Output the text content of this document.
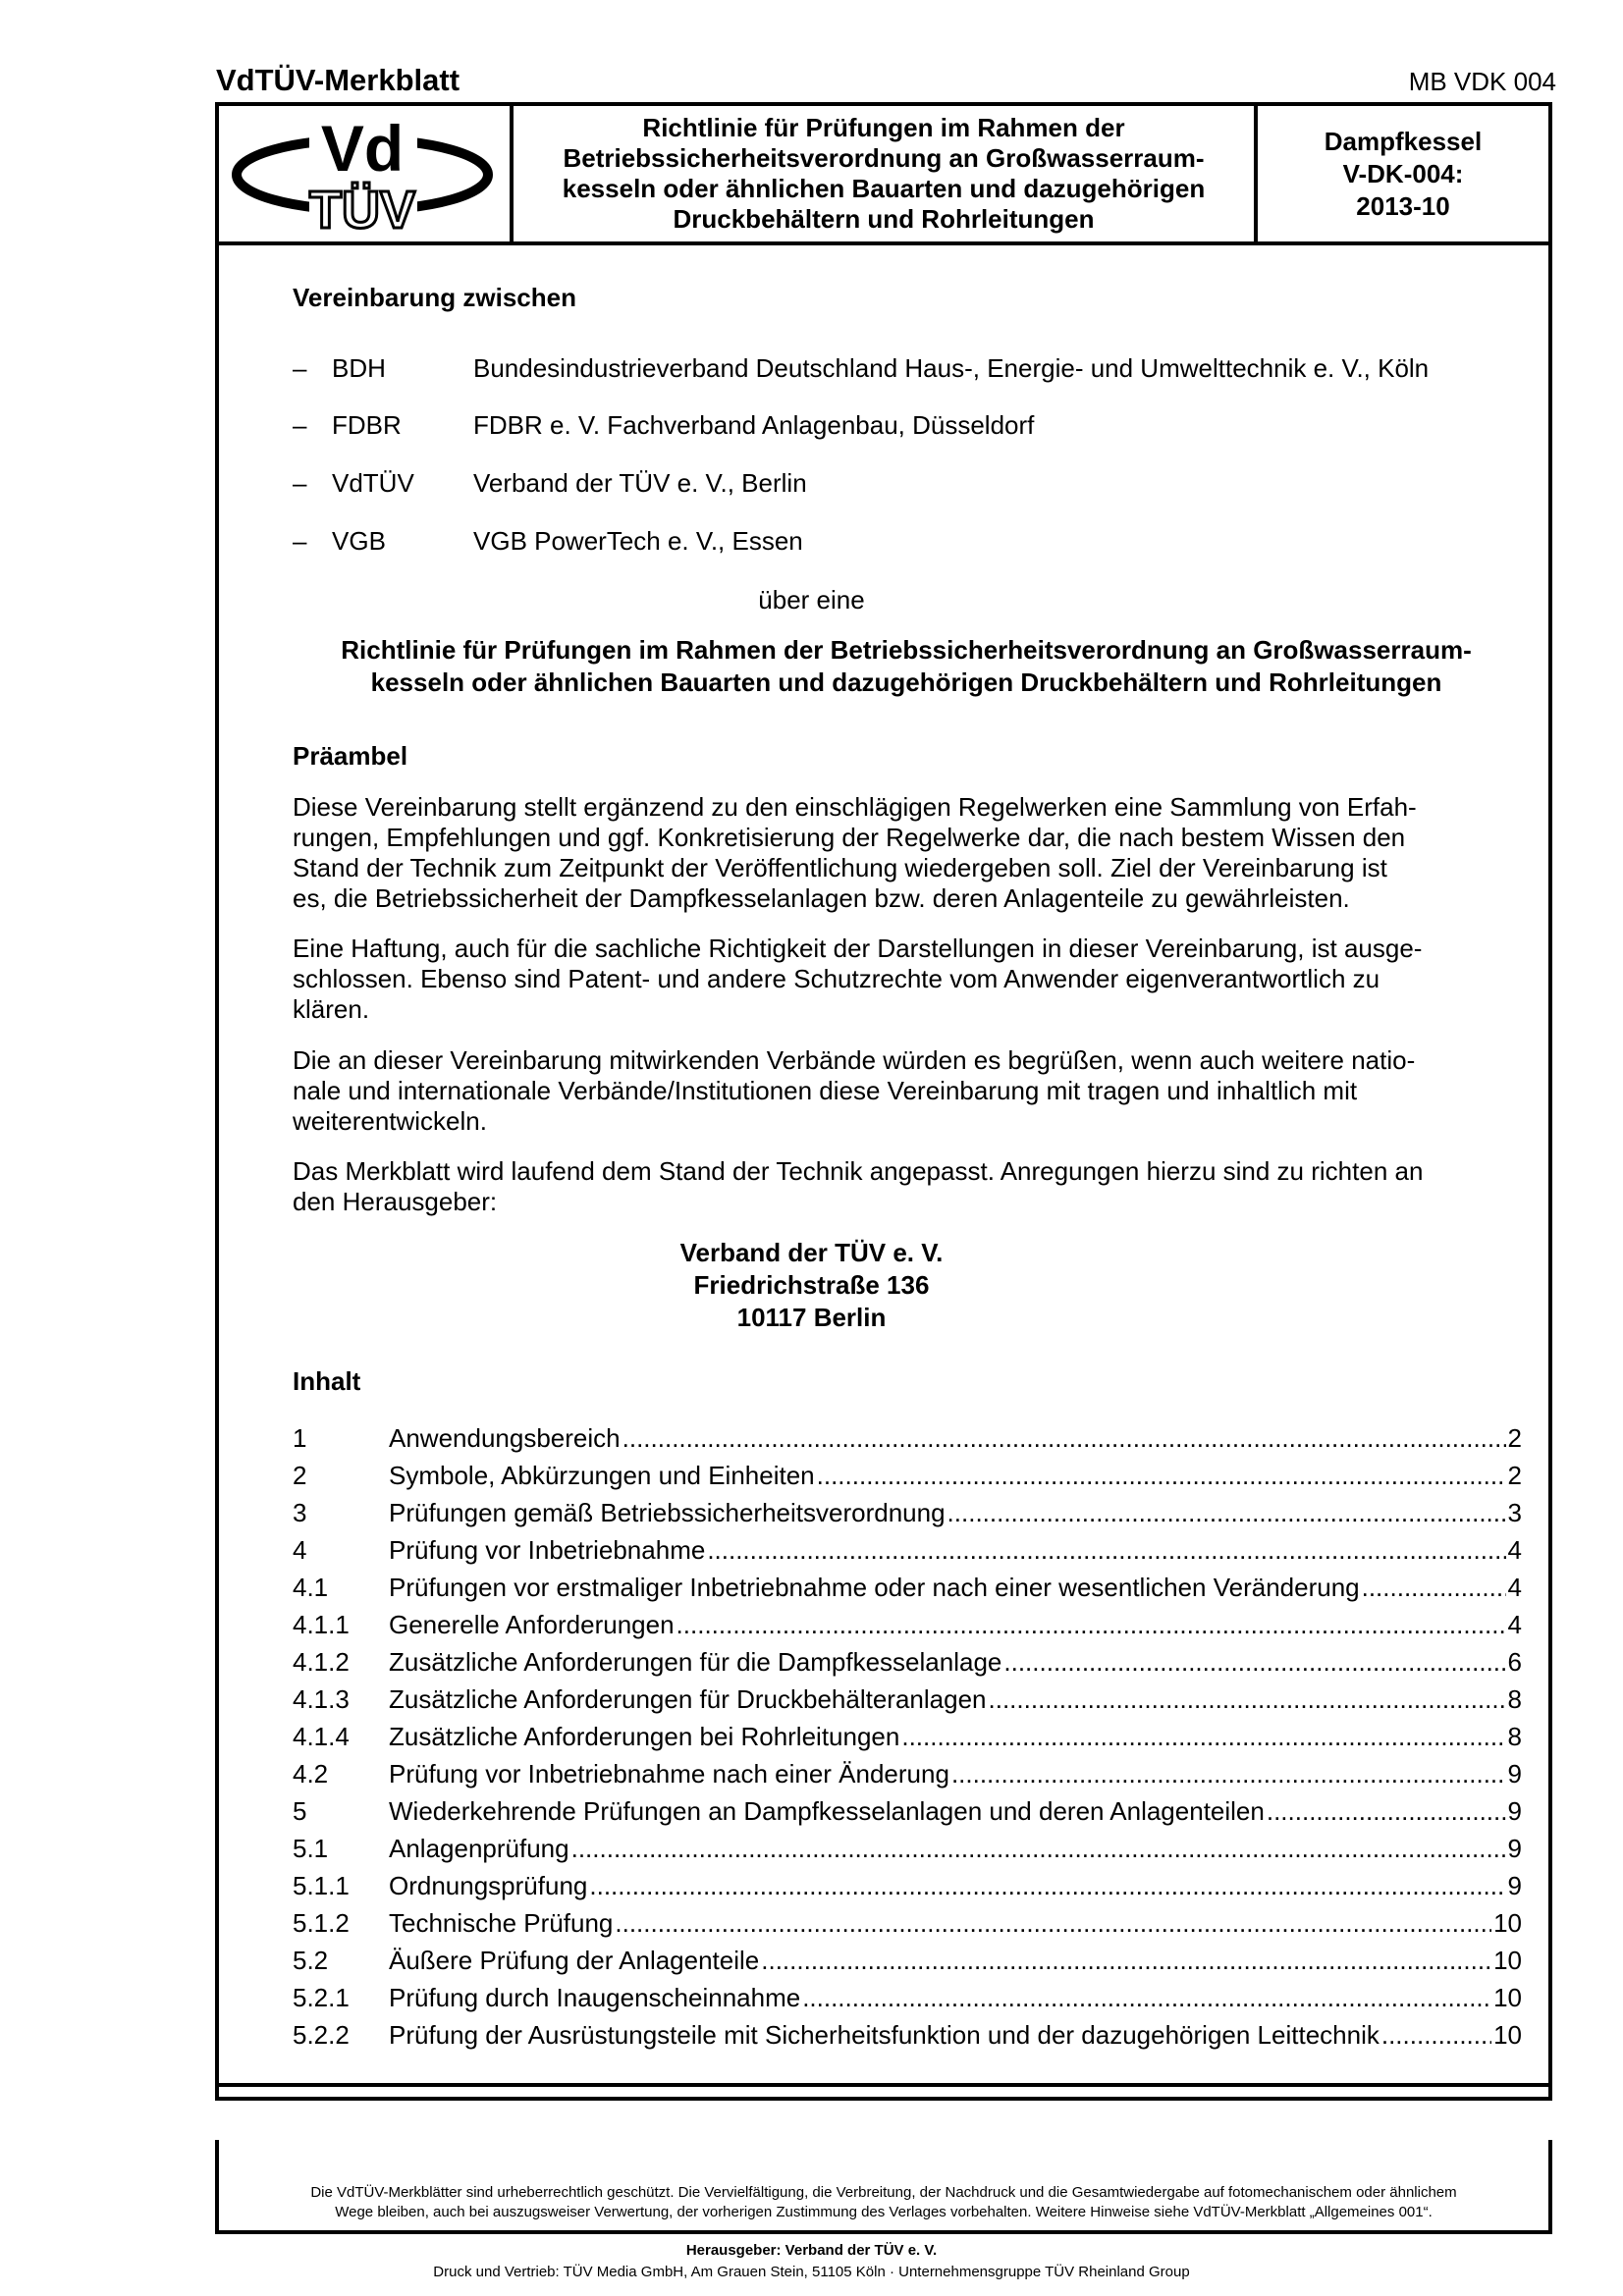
VdTÜV-Merkblatt	MB VDK 004
Vd
TÜV
Richtlinie für Prüfungen im Rahmen der
Betriebssicherheitsverordnung an Großwasserraum-
kesseln oder ähnlichen Bauarten und dazugehörigen
Druckbehältern und Rohrleitungen
Dampfkessel
V-DK-004:
2013-10
Vereinbarung zwischen
– BDH	Bundesindustrieverband Deutschland Haus-, Energie- und Umwelttechnik e. V., Köln
– FDBR	FDBR e. V. Fachverband Anlagenbau, Düsseldorf
– VdTÜV	Verband der TÜV e. V., Berlin
– VGB	VGB PowerTech e. V., Essen
über eine
Richtlinie für Prüfungen im Rahmen der Betriebssicherheitsverordnung an Großwasserraum-
kesseln oder ähnlichen Bauarten und dazugehörigen Druckbehältern und Rohrleitungen
Präambel
Diese Vereinbarung stellt ergänzend zu den einschlägigen Regelwerken eine Sammlung von Erfah-
rungen, Empfehlungen und ggf. Konkretisierung der Regelwerke dar, die nach bestem Wissen den
Stand der Technik zum Zeitpunkt der Veröffentlichung wiedergeben soll. Ziel der Vereinbarung ist
es, die Betriebssicherheit der Dampfkesselanlagen bzw. deren Anlagenteile zu gewährleisten.
Eine Haftung, auch für die sachliche Richtigkeit der Darstellungen in dieser Vereinbarung, ist ausge-
schlossen. Ebenso sind Patent- und andere Schutzrechte vom Anwender eigenverantwortlich zu
klären.
Die an dieser Vereinbarung mitwirkenden Verbände würden es begrüßen, wenn auch weitere natio-
nale und internationale Verbände/Institutionen diese Vereinbarung mit tragen und inhaltlich mit
weiterentwickeln.
Das Merkblatt wird laufend dem Stand der Technik angepasst. Anregungen hierzu sind zu richten an
den Herausgeber:
Verband der TÜV e. V.
Friedrichstraße 136
10117 Berlin
Inhalt
1	Anwendungsbereich .....	2
2	Symbole, Abkürzungen und Einheiten .....	2
3	Prüfungen gemäß Betriebssicherheitsverordnung .....	3
4	Prüfung vor Inbetriebnahme .....	4
4.1	Prüfungen vor erstmaliger Inbetriebnahme oder nach einer wesentlichen Veränderung .....	4
4.1.1	Generelle Anforderungen .....	4
4.1.2	Zusätzliche Anforderungen für die Dampfkesselanlage .....	6
4.1.3	Zusätzliche Anforderungen für Druckbehälteranlagen .....	8
4.1.4	Zusätzliche Anforderungen bei Rohrleitungen .....	8
4.2	Prüfung vor Inbetriebnahme nach einer Änderung .....	9
5	Wiederkehrende Prüfungen an Dampfkesselanlagen und deren Anlagenteilen .....	9
5.1	Anlagenprüfung .....	9
5.1.1	Ordnungsprüfung .....	9
5.1.2	Technische Prüfung .....	10
5.2	Äußere Prüfung der Anlagenteile .....	10
5.2.1	Prüfung durch Inaugenscheinnahme .....	10
5.2.2	Prüfung der Ausrüstungsteile mit Sicherheitsfunktion und der dazugehörigen Leittechnik .....	10
Die VdTÜV-Merkblätter sind urheberrechtlich geschützt. Die Vervielfältigung, die Verbreitung, der Nachdruck und die Gesamtwiedergabe auf fotomechanischem oder ähnlichem
Wege bleiben, auch bei auszugsweiser Verwertung, der vorherigen Zustimmung des Verlages vorbehalten. Weitere Hinweise siehe VdTÜV-Merkblatt „Allgemeines 001“.
Herausgeber: Verband der TÜV e. V.
Druck und Vertrieb: TÜV Media GmbH, Am Grauen Stein, 51105 Köln · Unternehmensgruppe TÜV Rheinland Group
